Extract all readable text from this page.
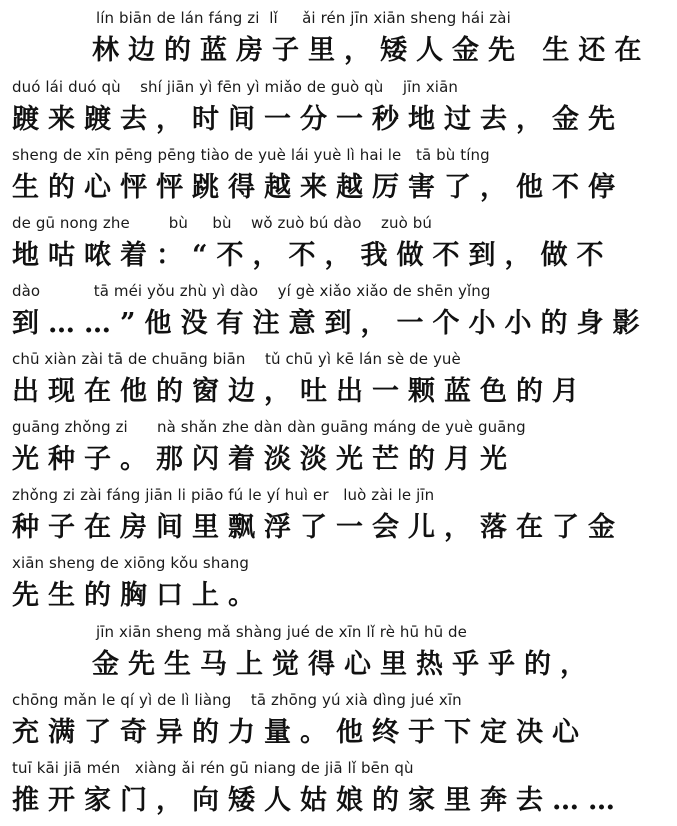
lín biān de lán fáng zi  lǐ     ǎi rén jīn xiān sheng hái zài
林边的蓝房子里，矮人金先 生还在
duó lái duó qù    shí jiān yì fēn yì miǎo de guò qù    jīn xiān
踱来踱去，时间一分一秒地过去，金先
sheng de xīn pēng pēng tiào de yuè lái yuè lì hai le   tā bù tíng
生的心怦怦跳得越来越厉害了，他不停
de gū nong zhe        bù     bù    wǒ zuò bú dào    zuò bú
地咕哝着：“不，不，我做不到，做不
dào           tā méi yǒu zhù yì dào    yí gè xiǎo xiǎo de shēn yǐng
到……”他没有注意到，一个小小的身影
chū xiàn zài tā de chuāng biān    tǔ chū yì kē lán sè de yuè
出现在他的窗边，吐出一颗蓝色的月
guāng zhǒng zi      nà shǎn zhe dàn dàn guāng máng de yuè guāng
光种子。那闪着淡淡光芒的月光
zhǒng zi zài fáng jiān li piāo fú le yí huì er   luò zài le jīn
种子在房间里飘浮了一会儿，落在了金
xiān sheng de xiōng kǒu shang
先生的胸口上。
jīn xiān sheng mǎ shàng jué de xīn lǐ rè hū hū de
金先生马上觉得心里热乎乎的，
chōng mǎn le qí yì de lì liàng    tā zhōng yú xià dìng jué xīn
充满了奇异的力量。他终于下定决心
tuī kāi jiā mén   xiàng ǎi rén gū niang de jiā lǐ bēn qù
推开家门，向矮人姑娘的家里奔去……
